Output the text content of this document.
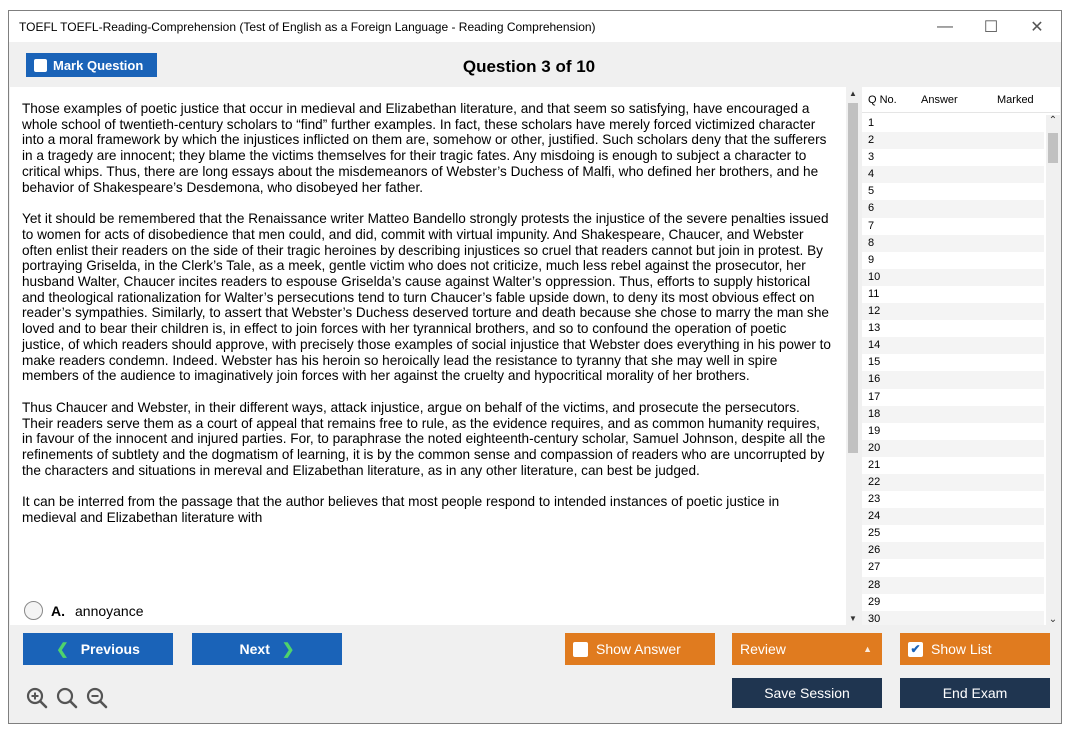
TOEFL TOEFL-Reading-Comprehension (Test of English as a Foreign Language - Reading Comprehension)	—	☐	✕
Mark Question	Question 3 of 10

Those examples of poetic justice that occur in medieval and Elizabethan literature, and that seem so satisfying, have encouraged a whole school of twentieth-century scholars to “find” further examples. In fact, these scholars have merely forced victimized character into a moral framework by which the injustices inflicted on them are, somehow or other, justified. Such scholars deny that the sufferers in a tragedy are innocent; they blame the victims themselves for their tragic fates. Any misdoing is enough to subject a character to critical whips. Thus, there are long essays about the misdemeanors of Webster’s Duchess of Malfi, who defined her brothers, and he behavior of Shakespeare’s Desdemona, who disobeyed her father.

Yet it should be remembered that the Renaissance writer Matteo Bandello strongly protests the injustice of the severe penalties issued to women for acts of disobedience that men could, and did, commit with virtual impunity. And Shakespeare, Chaucer, and Webster often enlist their readers on the side of their tragic heroines by describing injustices so cruel that readers cannot but join in protest. By portraying Griselda, in the Clerk’s Tale, as a meek, gentle victim who does not criticize, much less rebel against the prosecutor, her husband Walter, Chaucer incites readers to espouse Griselda’s cause against Walter’s oppression. Thus, efforts to supply historical and theological rationalization for Walter’s persecutions tend to turn Chaucer’s fable upside down, to deny its most obvious effect on reader’s sympathies. Similarly, to assert that Webster’s Duchess deserved torture and death because she chose to marry the man she loved and to bear their children is, in effect to join forces with her tyrannical brothers, and so to confound the operation of poetic justice, of which readers should approve, with precisely those examples of social injustice that Webster does everything in his power to make readers condemn. Indeed. Webster has his heroin so heroically lead the resistance to tyranny that she may well in spire members of the audience to imaginatively join forces with her against the cruelty and hypocritical morality of her brothers.

Thus Chaucer and Webster, in their different ways, attack injustice, argue on behalf of the victims, and prosecute the persecutors. Their readers serve them as a court of appeal that remains free to rule, as the evidence requires, and as common humanity requires, in favour of the innocent and injured parties. For, to paraphrase the noted eighteenth-century scholar, Samuel Johnson, despite all the refinements of subtlety and the dogmatism of learning, it is by the common sense and compassion of readers who are uncorrupted by the characters and situations in mereval and Elizabethan literature, as in any other literature, can best be judged.

It can be interred from the passage that the author believes that most people respond to intended instances of poetic justice in medieval and Elizabethan literature with

A. annoyance
▲
▼
Q No. Answer	Marked
1
2
3
4
5
6
7
8
9
10
11
12
13
14
15
16
17
18
19
20
21
22
23
24
25
26
27
28
29
30
⌃
⌄
❮ Previous	Next ❯	Show Answer	Review	▲	✔ Show List
Save Session	End Exam
